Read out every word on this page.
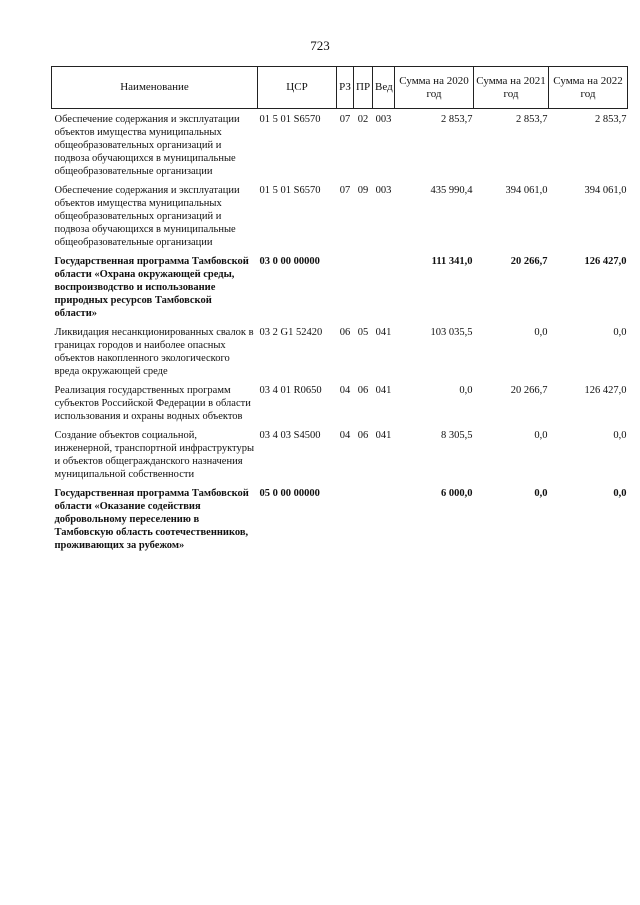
723
Наименование	ЦСР	РЗ	ПР	Вед	Сумма на 2020 год	Сумма на 2021 год	Сумма на 2022 год
Обеспечение содержания и эксплуатации объектов имущества муниципальных общеобразовательных организаций и подвоза обучающихся в муниципальные общеобразовательные организации	01 5 01 S6570	07	02	003	2 853,7	2 853,7	2 853,7
Обеспечение содержания и эксплуатации объектов имущества муниципальных общеобразовательных организаций и подвоза обучающихся в муниципальные общеобразовательные организации	01 5 01 S6570	07	09	003	435 990,4	394 061,0	394 061,0
Государственная программа Тамбовской области «Охрана окружающей среды, воспроизводство и использование природных ресурсов Тамбовской области»	03 0 00 00000				111 341,0	20 266,7	126 427,0
Ликвидация несанкционированных свалок в границах городов и наиболее опасных объектов накопленного экологического вреда окружающей среде	03 2 G1 52420	06	05	041	103 035,5	0,0	0,0
Реализация государственных программ субъектов Российской Федерации в области использования и охраны водных объектов	03 4 01 R0650	04	06	041	0,0	20 266,7	126 427,0
Создание объектов социальной, инженерной, транспортной инфраструктуры и объектов общегражданского назначения муниципальной собственности	03 4 03 S4500	04	06	041	8 305,5	0,0	0,0
Государственная программа Тамбовской области «Оказание содействия добровольному переселению в Тамбовскую область соотечественников, проживающих за рубежом»	05 0 00 00000				6 000,0	0,0	0,0
